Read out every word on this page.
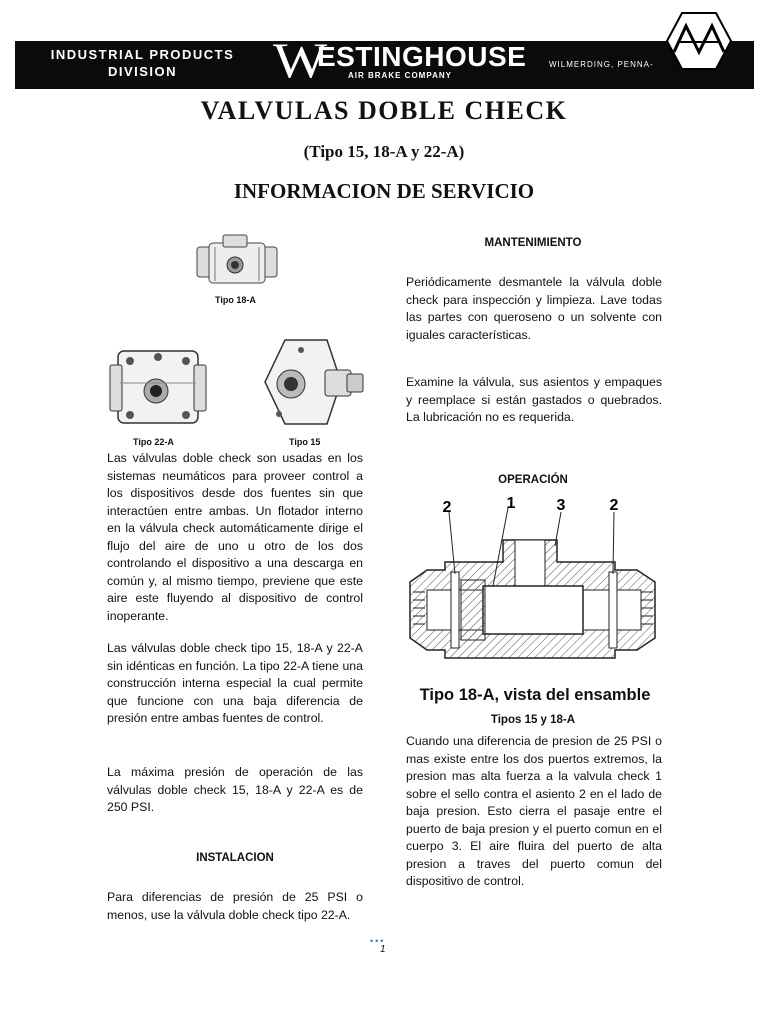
INDUSTRIAL PRODUCTS
DIVISION	W
ESTINGHOUSE
AIR BRAKE COMPANY
WILMERDING, PENNA-
VALVULAS DOBLE CHECK
(Tipo 15, 18-A y 22-A)
INFORMACION DE SERVICIO
Tipo 18-A
Tipo 22-A	Tipo 15

Las válvulas doble check son usadas en los sistemas neumáticos para proveer control a los dispositivos desde dos fuentes sin que interactúen entre ambas. Un flotador interno en la válvula check automáticamente dirige el flujo del aire de uno u otro de los dos controlando el dispositivo a una descarga en común y, al mismo tiempo, previene que este aire este fluyendo al dispositivo de control inoperante.

Las válvulas doble check tipo 15, 18-A y 22-A sin idénticas en función. La tipo 22-A tiene una construcción interna especial la cual permite que funcione con una baja diferencia de presión entre ambas fuentes de control.

La máxima presión de operación de las válvulas doble check 15, 18-A y 22-A es de 250 PSI.

INSTALACION

Para diferencias de presión de 25 PSI o menos, use la válvula doble check tipo 22-A.

MANTENIMIENTO

Periódicamente desmantele la válvula doble check para inspección y limpieza. Lave todas las partes con queroseno o un solvente con iguales características.

Examine la válvula, sus asientos y empaques y reemplace si están gastados o quebrados. La lubricación no es requerida.

OPERACIÓN
2	1	3	2
Tipo 18-A, vista del ensamble
Tipos 15 y 18-A

Cuando una diferencia de presion de 25 PSI o mas existe entre los dos puertos extremos, la presion mas alta fuerza a la valvula check 1 sobre el sello contra el asiento 2 en el lado de baja presion. Esto cierra el pasaje entre el puerto de baja presion y el puerto comun en el cuerpo 3. El aire fluira del puerto de alta presion a traves del puerto comun del dispositivo de control.

•••
1
